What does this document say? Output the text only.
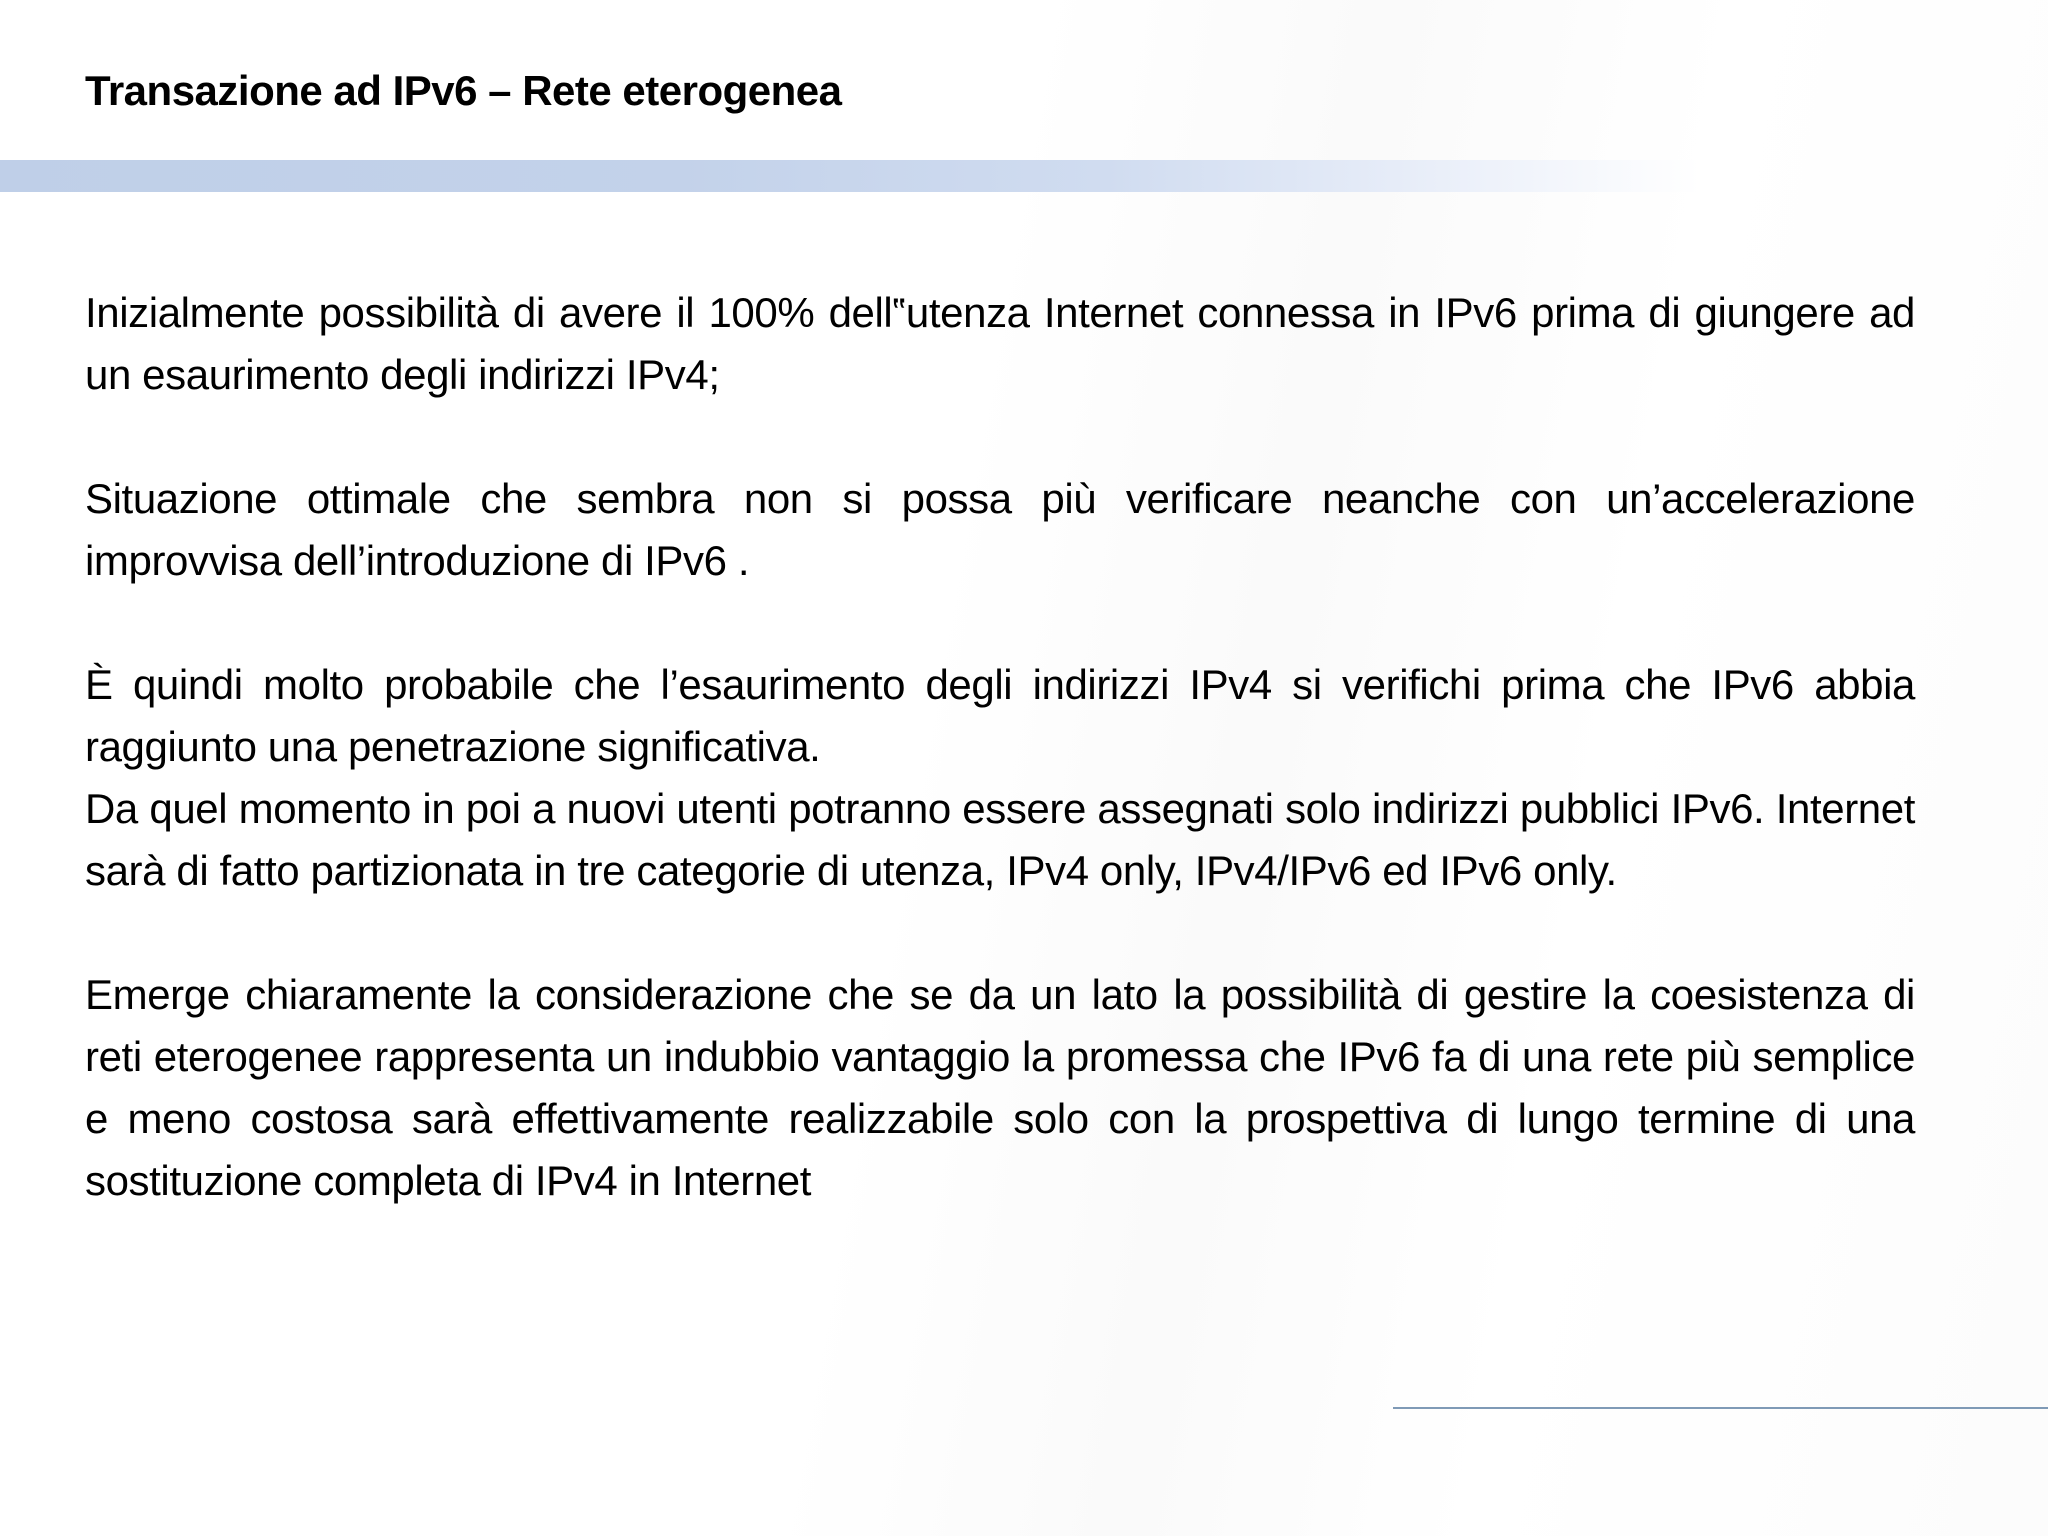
Transazione ad IPv6 – Rete eterogenea

Inizialmente possibilità di avere il 100% dell‟utenza Internet connessa in IPv6 prima di giungere ad un esaurimento degli indirizzi IPv4;

Situazione ottimale che sembra non si possa più verificare neanche con un’accelerazione improvvisa dell’introduzione di IPv6 .

È quindi molto probabile che l’esaurimento degli indirizzi IPv4 si verifichi prima che IPv6 abbia raggiunto una penetrazione significativa.

Da quel momento in poi a nuovi utenti potranno essere assegnati solo indirizzi pubblici IPv6. Internet sarà di fatto partizionata in tre categorie di utenza, IPv4 only, IPv4/IPv6 ed IPv6 only.

Emerge chiaramente la considerazione che se da un lato la possibilità di gestire la coesistenza di reti eterogenee rappresenta un indubbio vantaggio la promessa che IPv6 fa di una rete più semplice e meno costosa sarà effettivamente realizzabile solo con la prospettiva di lungo termine di una sostituzione completa di IPv4 in Internet
